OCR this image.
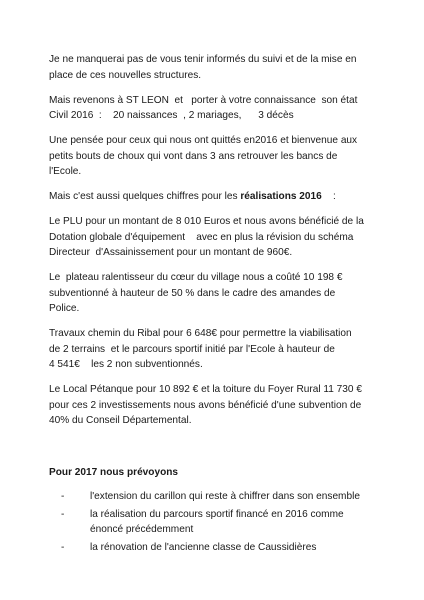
Je ne manquerai pas de vous tenir informés du suivi et de la mise en
place de ces nouvelles structures.

Mais revenons à ST LEON  et   porter à votre connaissance  son état
Civil 2016  :    20 naissances  , 2 mariages,      3 décès

Une pensée pour ceux qui nous ont quittés en2016 et bienvenue aux
petits bouts de choux qui vont dans 3 ans retrouver les bancs de
l'Ecole.

Mais c'est aussi quelques chiffres pour les réalisations 2016    :

Le PLU pour un montant de 8 010 Euros et nous avons bénéficié de la
Dotation globale d'équipement    avec en plus la révision du schéma
Directeur  d'Assainissement pour un montant de 960€.

Le  plateau ralentisseur du cœur du village nous a coûté 10 198 €
subventionné à hauteur de 50 % dans le cadre des amandes de
Police.

Travaux chemin du Ribal pour 6 648€ pour permettre la viabilisation
de 2 terrains  et le parcours sportif initié par l'Ecole à hauteur de
4 541€    les 2 non subventionnés.

Le Local Pétanque pour 10 892 € et la toiture du Foyer Rural 11 730 €
pour ces 2 investissements nous avons bénéficié d'une subvention de
40% du Conseil Départemental.

Pour 2017 nous prévoyons
-	l'extension du carillon qui reste à chiffrer dans son ensemble
-	la réalisation du parcours sportif financé en 2016 comme
énoncé précédemment
-	la rénovation de l'ancienne classe de Caussidières
